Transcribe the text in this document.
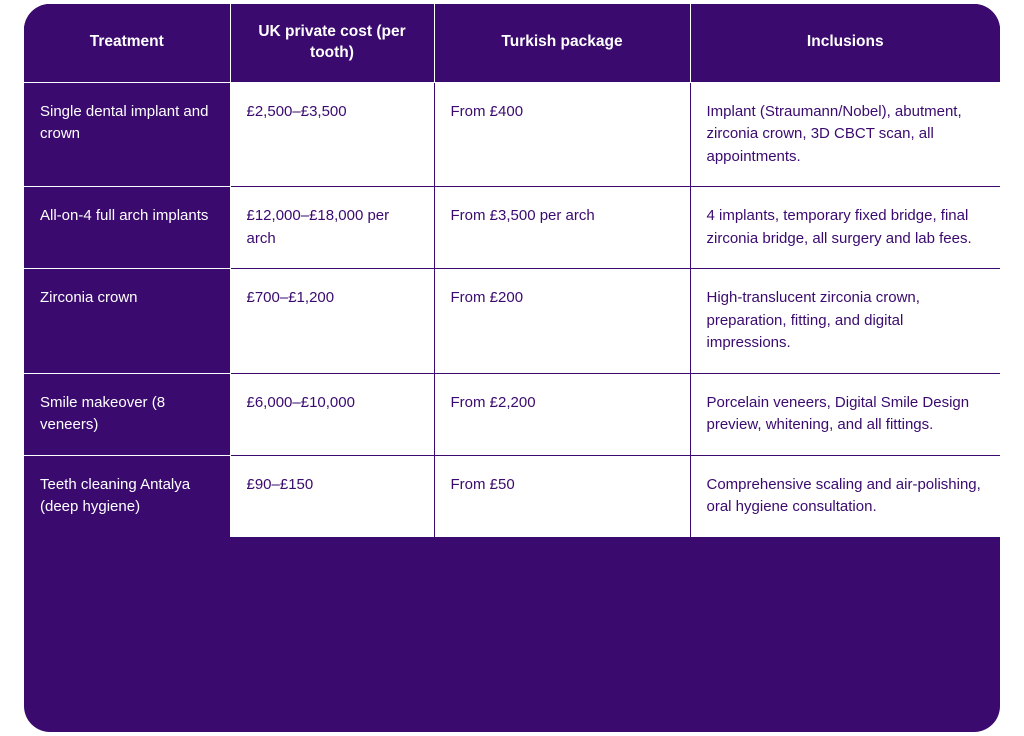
Treatment	UK private cost (per tooth)	Turkish package	Inclusions
Single dental implant and crown	£2,500–£3,500	From £400	Implant (Straumann/Nobel), abutment, zirconia crown, 3D CBCT scan, all appointments.
All-on-4 full arch implants	£12,000–£18,000 per arch	From £3,500 per arch	4 implants, temporary fixed bridge, final zirconia bridge, all surgery and lab fees.
Zirconia crown	£700–£1,200	From £200	High-translucent zirconia crown, preparation, fitting, and digital impressions.
Smile makeover (8 veneers)	£6,000–£10,000	From £2,200	Porcelain veneers, Digital Smile Design preview, whitening, and all fittings.
Teeth cleaning Antalya (deep hygiene)	£90–£150	From £50	Comprehensive scaling and air-polishing, oral hygiene consultation.
